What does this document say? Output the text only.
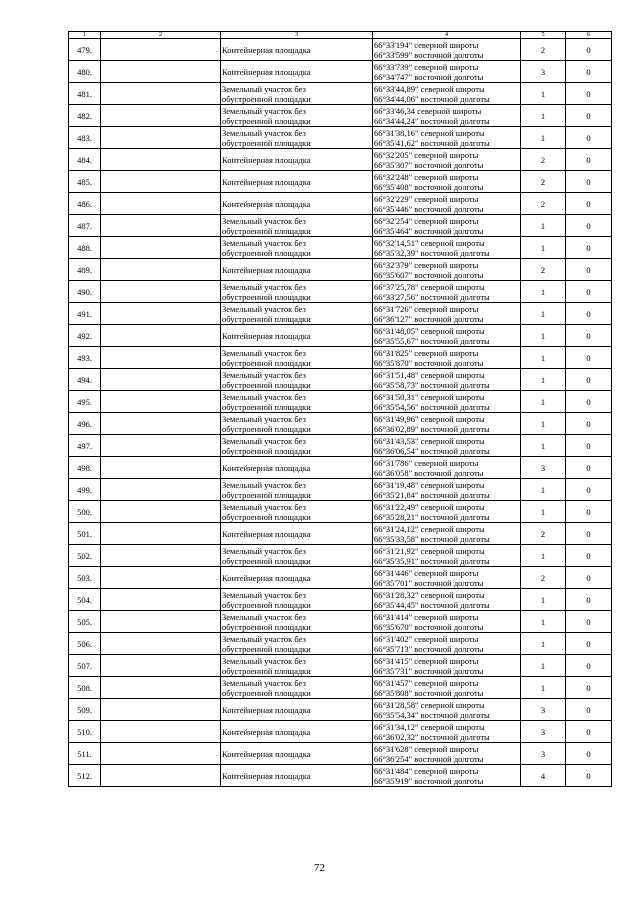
1	2	3	4	5	6
479.		Контейнерная площадка	66°33'194" северной широты
66°33'599" восточной долготы	2	0
480.		Контейнерная площадка	66°33'739" северной широты
66°34'747" восточной долготы	3	0
481.		Земельный участок без
обустроенной площадки	66°33'44,89" северной широты
66°34'44,06" восточной долготы	1	0
482.		Земельный участок без
обустроенной площадки	66°33'46,34 северной широты
66°34'44,24" восточной долготы	1	0
483.		Земельный участок без
обустроенной площадки	66°31'38,16" северной широты
66°35'41,62" восточной долготы	1	0
484.		Контейнерная площадка	66°32'205" северной широты
66°35'307" восточной долготы	2	0
485.		Контейнерная площадка	66°32'248" северной широты
66°35'408" восточной долготы	2	0
486.		Контейнерная площадка	66°32'229" северной широты
66°35'446" восточной долготы	2	0
487.		Земельный участок без
обустроенной площадки	66°32'254" северной широты
66°35'464" восточной долготы	1	0
488.		Земельный участок без
обустроенной площадки	66°32'14,51" северной широты
66°35'32,39" восточной долготы	1	0
489.		Контейнерная площадка	66°32'379" северной широты
66°35'607" восточной долготы	2	0
490.		Земельный участок без
обустроенной площадки	66°37'25,78" северной широты
66°33'27,56" восточной долготы	1	0
491.		Земельный участок без
обустроенной площадки	66°31'726" северной широты
66°36'127" восточной долготы	1	0
492.		Контейнерная площадка	66°31'48,05" северной широты
66°35'55,67" восточной долготы	1	0
493.		Земельный участок без
обустроенной площадки	66°31'825" северной широты
66°35'870" восточной долготы	1	0
494.		Земельный участок без
обустроенной площадки	66°31'51,48" северной широты
66°35'58,73" восточной долготы	1	0
495.		Земельный участок без
обустроенной площадки	66°31'50,31" северной широты
66°35'54,56" восточной долготы	1	0
496.		Земельный участок без
обустроенной площадки	66°31'49,96" северной широты
66°36'02,89" восточной долготы	1	0
497.		Земельный участок без
обустроенной площадки	66°31'43,53" северной широты
66°36'06,54" восточной долготы	1	0
498.		Контейнерная площадка	66°31'786" северной широты
66°36'058" восточной долготы	3	0
499.		Земельный участок без
обустроенной площадки	66°31'19,48" северной широты
66°35'21,84" восточной долготы	1	0
500.		Земельный участок без
обустроенной площадки	66°31'22,49" северной широты
66°35'28,21" восточной долготы	1	0
501.		Контейнерная площадка	66°31'24,12" северной широты
66°35'33,58" восточной долготы	2	0
502.		Земельный участок без
обустроенной площадки	66°31'21,92" северной широты
66°35'35,91" восточной долготы	1	0
503.		Контейнерная площадка	66°31'446" северной широты
66°35'701" восточной долготы	2	0
504.		Земельный участок без
обустроенной площадки	66°31'28,32" северной широты
66°35'44,45" восточной долготы	1	0
505.		Земельный участок без
обустроенной площадки	66°31'414" северной широты
66°35'670" восточной долготы	1	0
506.		Земельный участок без
обустроенной площадки	66°31'402" северной широты
66°35'713" восточной долготы	1	0
507.		Земельный участок без
обустроенной площадки	66°31'415" северной широты
66°35'731" восточной долготы	1	0
508.		Земельный участок без
обустроенной площадки	66°31'457" северной широты
66°35'808" восточной долготы	1	0
509.		Контейнерная площадка	66°31'28,58" северной широты
66°35'54,34" восточной долготы	3	0
510.		Контейнерная площадка	66°31'34,12" северной широты
66°36'02,32" восточной долготы	3	0
511.		Контейнерная площадка	66°31'628" северной широты
66°36'254" восточной долготы	3	0
512.		Контейнерная площадка	66°31'484" северной широты
66°35'919" восточной долготы	4	0
72
